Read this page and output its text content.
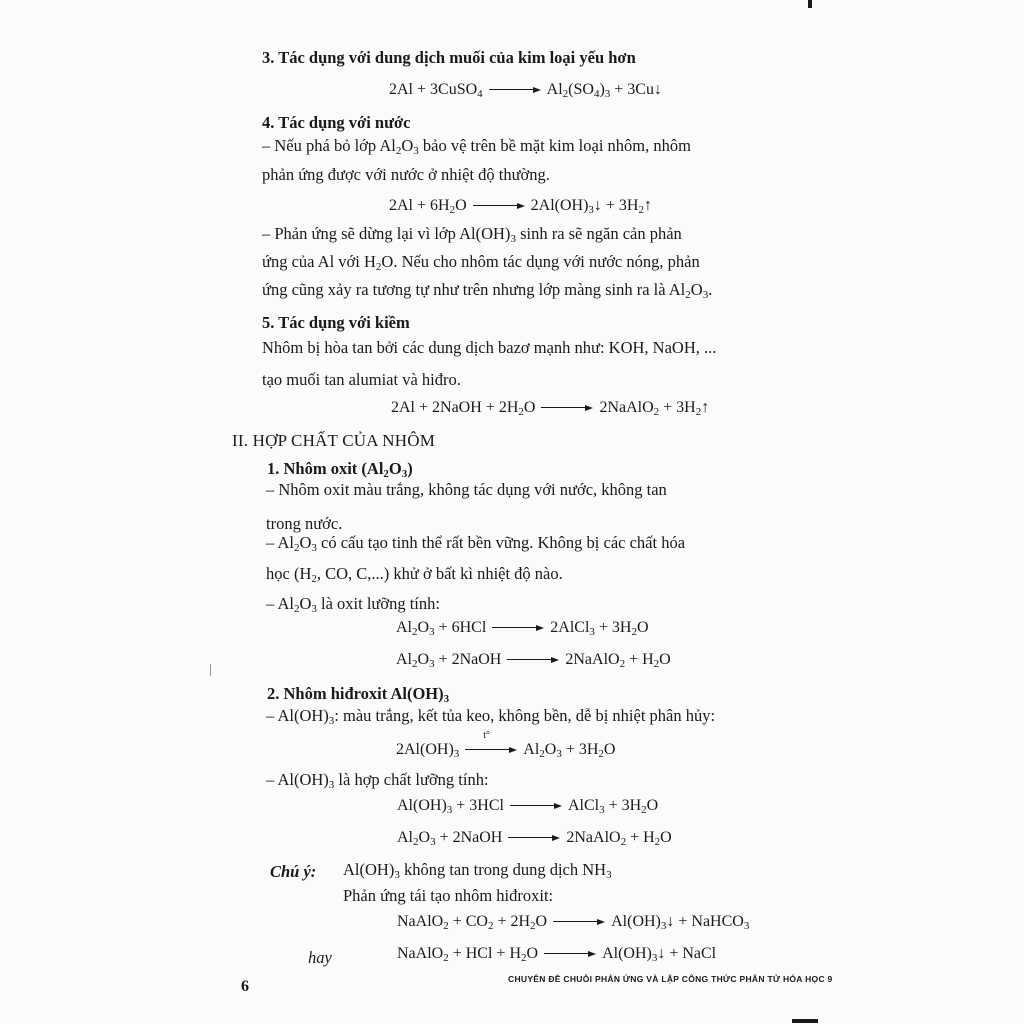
3. Tác dụng với dung dịch muối của kim loại yếu hơn
2Al + 3CuSO$_4$	$Al_2(SO_4)_3$ + 3Cu↓
4. Tác dụng với nước
– Nếu phá bỏ lớp $Al_2O_3$ bảo vệ trên bề mặt kim loại nhôm, nhôm
phản ứng được với nước ở nhiệt độ thường.
$2Al + 6H_2O$	$2Al(OH)_3↓$ + $3H_2↑$
– Phản ứng sẽ dừng lại vì lớp $Al(OH)_3$ sinh ra sẽ ngăn cản phản
ứng của Al với $H_2O$. Nếu cho nhôm tác dụng với nước nóng, phản
ứng cũng xảy ra tương tự như trên nhưng lớp màng sinh ra là $Al_2O_3$.
5. Tác dụng với kiềm
Nhôm bị hòa tan bởi các dung dịch bazơ mạnh như: KOH, NaOH, ...
tạo muối tan alumiat và hiđro.
2Al + 2NaOH + $2H_2O$	2NaAlO$_2$ + $3H_2↑$
II. HỢP CHẤT CỦA NHÔM
1. Nhôm oxit $(Al_2O_3)$
– Nhôm oxit màu trắng, không tác dụng với nước, không tan
trong nước.
– $Al_2O_3$ có cấu tạo tinh thể rất bền vững. Không bị các chất hóa
học ($H_2$, CO, C,...) khử ở bất kì nhiệt độ nào.
– $Al_2O_3$ là oxit lưỡng tính:
$Al_2O_3 + 6HCl$	2AlCl$_3$ + $3H_2O$
$Al_2O_3$ + 2NaOH	2NaAlO$_2$ + $H_2O$
2. Nhôm hiđroxit $Al(OH)_3$
– $Al(OH)_3$: màu trắng, kết tủa keo, không bền, dễ bị nhiệt phân hủy:
$2Al(OH)_3$
t°
$Al_2O_3 + 3H_2O$
– $Al(OH)_3$ là hợp chất lưỡng tính:
$Al(OH)_3 + 3HCl$	AlCl$_3$ + $3H_2O$
$Al_2O_3$ + 2NaOH	2NaAlO$_2$ + $H_2O$
Chú ý: $Al(OH)_3$ không tan trong dung dịch $NH_3$
Phản ứng tái tạo nhôm hiđroxit:
NaAlO$_2$ + $CO_2 + 2H_2O$	$Al(OH)_3↓$ + NaHCO$_3$
hay	NaAlO$_2$ + HCl + $H_2O$	$Al(OH)_3↓$ + NaCl
6	CHUYÊN ĐỀ CHUỖI PHẢN ỨNG VÀ LẬP CÔNG THỨC PHÂN TỬ HÓA HỌC 9
